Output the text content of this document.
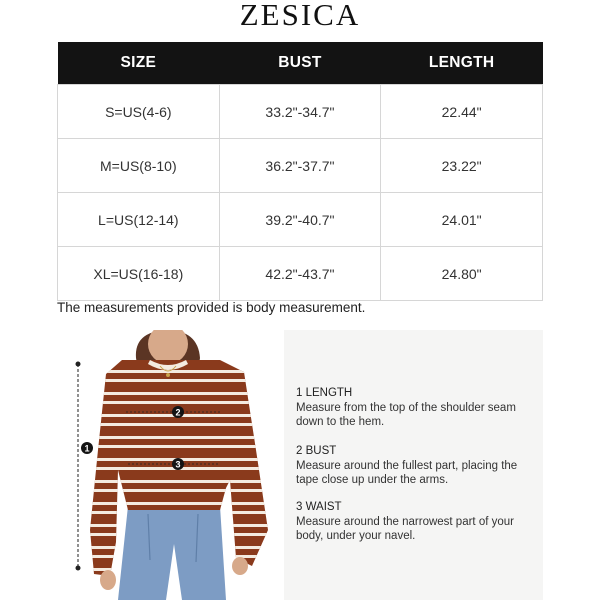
ZESICA
SIZE	BUST	LENGTH
S=US(4-6)	33.2"-34.7"	22.44"
M=US(8-10)	36.2"-37.7"	23.22"
L=US(12-14)	39.2"-40.7"	24.01"
XL=US(16-18)	42.2"-43.7"	24.80"
The measurements provided is body measurement.
1
2
3
1 LENGTH
Measure from the top of the shoulder seam down to the hem.
2 BUST
Measure around the fullest part, placing the tape close up under the arms.
3 WAIST
Measure around the narrowest part of your body, under your navel.
